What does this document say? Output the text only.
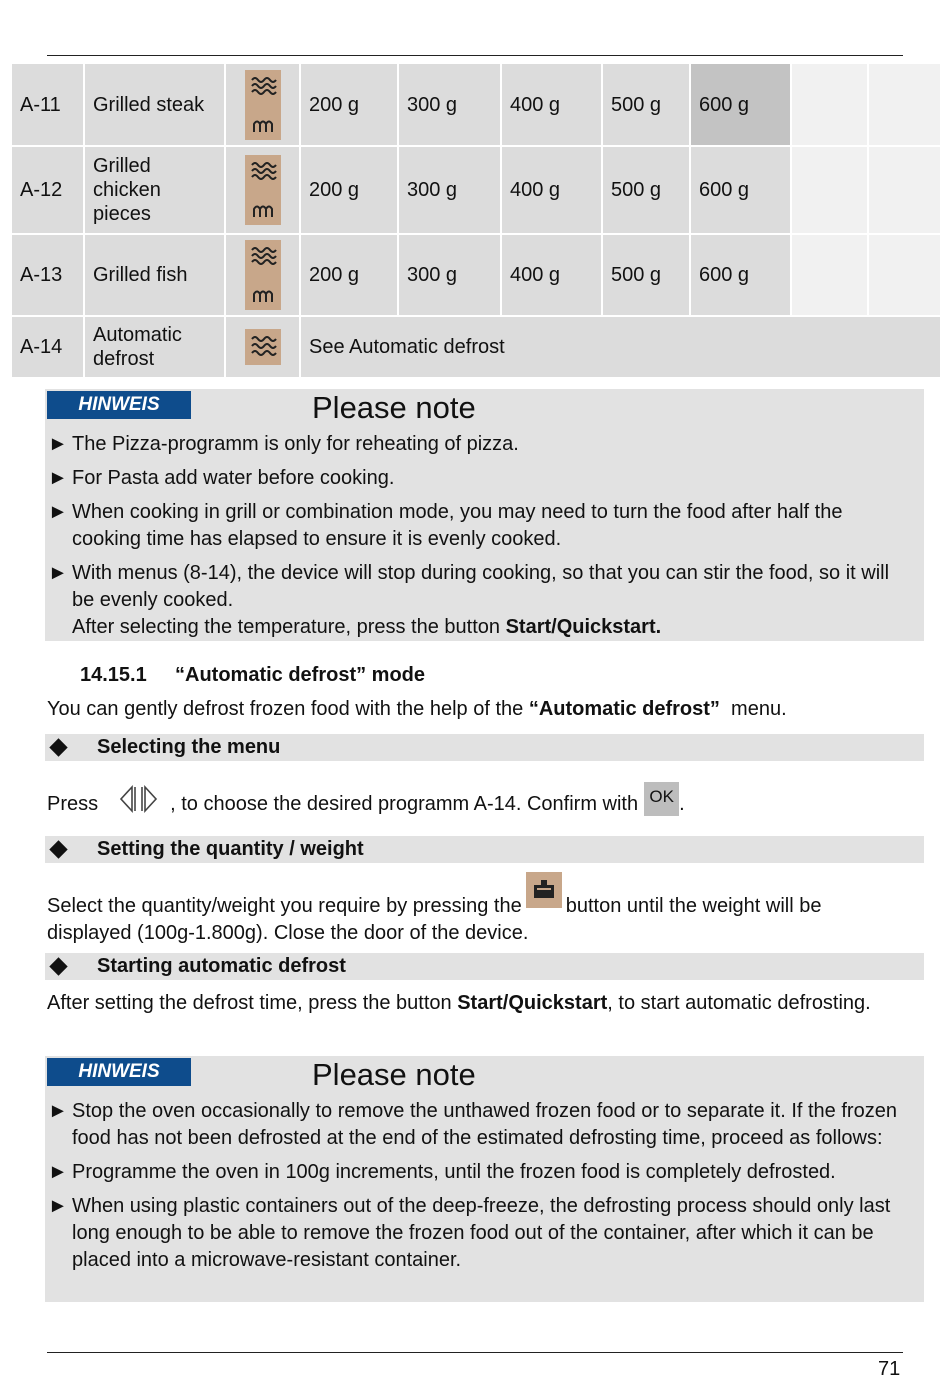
A-11	Grilled steak		200 g	300 g	400 g	500 g	600 g		
A-12	Grilled chicken pieces		200 g	300 g	400 g	500 g	600 g		
A-13	Grilled fish		200 g	300 g	400 g	500 g	600 g		
A-14	Automatic defrost		See Automatic defrost						
HINWEIS	Please note
► The Pizza-programm is only for reheating of pizza.
► For Pasta add water before cooking.
► When cooking in grill or combination mode, you may need to turn the food after half the cooking time has elapsed to ensure it is evenly cooked.
► With menus (8-14), the device will stop during cooking, so that you can stir the food, so it will be evenly cooked.
After selecting the temperature, press the button Start/Quickstart.
14.15.1 “Automatic defrost” mode
You can gently defrost frozen food with the help of the “Automatic defrost”  menu.
Selecting the menu
Press	, to choose the desired programm A-14. Confirm with OK .
Setting the quantity / weight
Select the quantity/weight you require by pressing the button until the weight will be displayed (100g-1.800g). Close the door of the device.
Starting automatic defrost
After setting the defrost time, press the button Start/Quickstart, to start automatic defrosting.
HINWEIS	Please note
► Stop the oven occasionally to remove the unthawed frozen food or to separate it. If the frozen food has not been defrosted at the end of the estimated defrosting time, proceed as follows:
► Programme the oven in 100g increments, until the frozen food is completely defrosted.
► When using plastic containers out of the deep-freeze, the defrosting process should only last long enough to be able to remove the frozen food out of the container, after which it can be placed into a microwave-resistant container.
71
